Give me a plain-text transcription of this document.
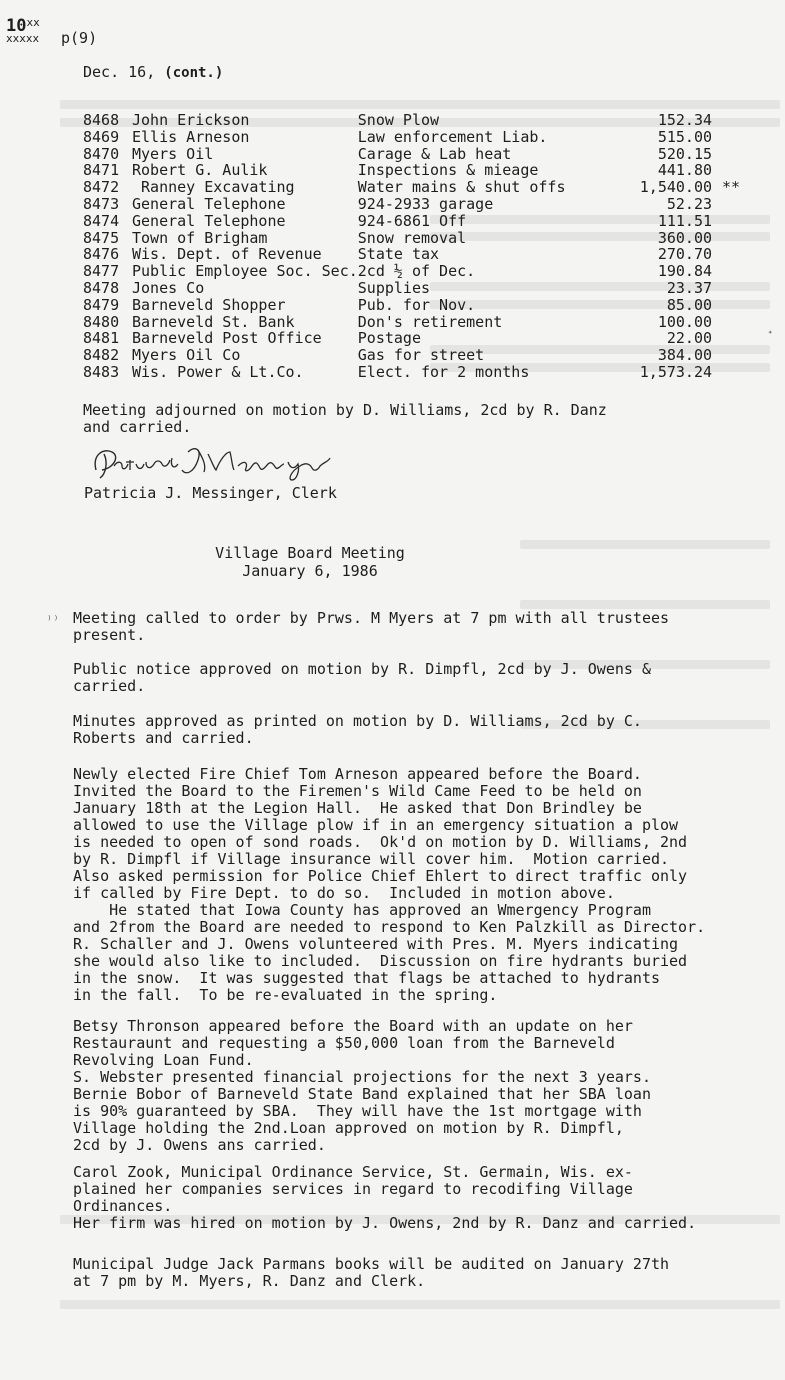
10$^{xx}$
xxxxx p(9)
Dec. 16, (cont.)
8468	John Erickson	Snow Plow	152.34	
8469	Ellis Arneson	Law enforcement Liab.	515.00	
8470	Myers Oil	Carage & Lab heat	520.15	
8471	Robert G. Aulik	Inspections & mieage	441.80	
8472	Ranney Excavating	Water mains & shut offs	1,540.00	**
8473	General Telephone	924-2933 garage	52.23	
8474	General Telephone	924-6861 Off	111.51	
8475	Town of Brigham	Snow removal	360.00	
8476	Wis. Dept. of Revenue	State tax	270.70	
8477	Public Employee Soc. Sec.	2cd ½ of Dec.	190.84	
8478	Jones Co	Supplies	23.37	
8479	Barneveld Shopper	Pub. for Nov.	85.00	
8480	Barneveld St. Bank	Don's retirement	100.00	
8481	Barneveld Post Office	Postage	22.00	
8482	Myers Oil Co	Gas for street	384.00	
8483	Wis. Power & Lt.Co.	Elect. for 2 months	1,573.24	
Meeting adjourned on motion by D. Williams, 2cd by R. Danz
and carried.
Patricia J. Messinger, Clerk
Village Board Meeting
January 6, 1986
⁾⁾
ᐩ
Meeting called to order by Prws. M Myers at 7 pm with all trustees
present.
Public notice approved on motion by R. Dimpfl, 2cd by J. Owens &
carried.
Minutes approved as printed on motion by D. Williams, 2cd by C.
Roberts and carried.
Newly elected Fire Chief Tom Arneson appeared before the Board.
Invited the Board to the Firemen's Wild Came Feed to be held on
January 18th at the Legion Hall.  He asked that Don Brindley be
allowed to use the Village plow if in an emergency situation a plow
is needed to open of sond roads.  Ok'd on motion by D. Williams, 2nd
by R. Dimpfl if Village insurance will cover him.  Motion carried.
Also asked permission for Police Chief Ehlert to direct traffic only
if called by Fire Dept. to do so.  Included in motion above.
He stated that Iowa County has approved an Wmergency Program
and 2from the Board are needed to respond to Ken Palzkill as Director.
R. Schaller and J. Owens volunteered with Pres. M. Myers indicating
she would also like to included.  Discussion on fire hydrants buried
in the snow.  It was suggested that flags be attached to hydrants
in the fall.  To be re-evaluated in the spring.
Betsy Thronson appeared before the Board with an update on her
Restauraunt and requesting a $50,000 loan from the Barneveld
Revolving Loan Fund.
S. Webster presented financial projections for the next 3 years.
Bernie Bobor of Barneveld State Band explained that her SBA loan
is 90% guaranteed by SBA.  They will have the 1st mortgage with
Village holding the 2nd.Loan approved on motion by R. Dimpfl,
2cd by J. Owens ans carried.
Carol Zook, Municipal Ordinance Service, St. Germain, Wis. ex-
plained her companies services in regard to recodifing Village
Ordinances.
Her firm was hired on motion by J. Owens, 2nd by R. Danz and carried.
Municipal Judge Jack Parmans books will be audited on January 27th
at 7 pm by M. Myers, R. Danz and Clerk.
